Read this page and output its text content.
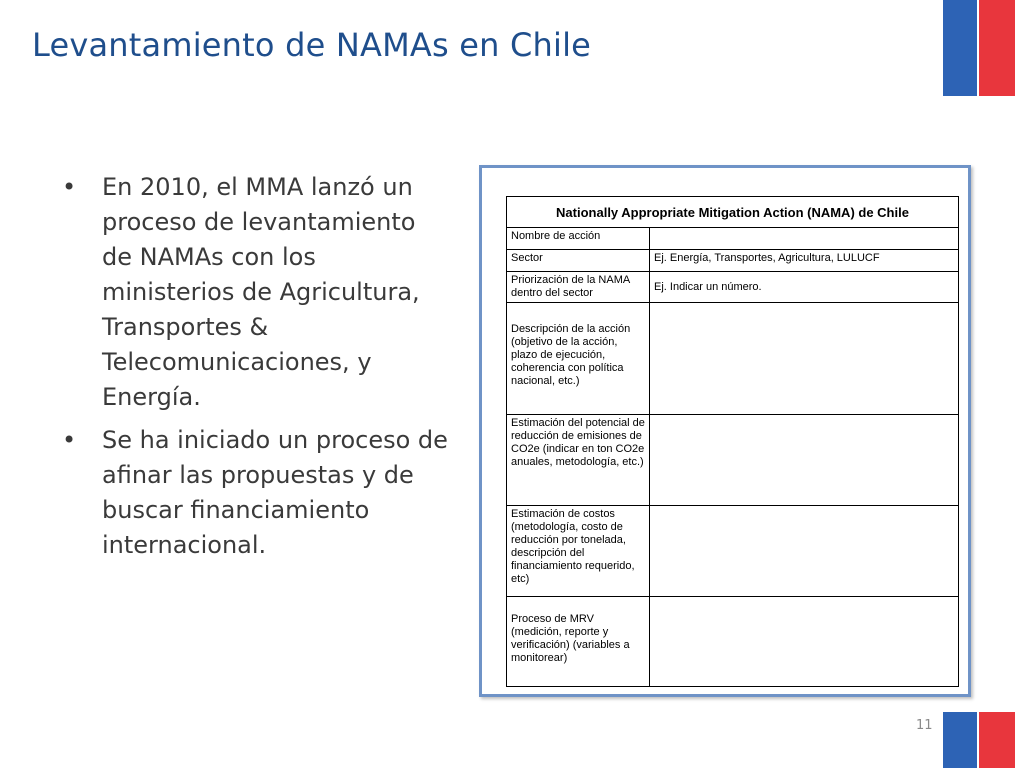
Levantamiento de NAMAs en Chile
• En 2010, el MMA lanzó un proceso de levantamiento de NAMAs con los ministerios de Agricultura, Transportes & Telecomunicaciones, y Energía.
• Se ha iniciado un proceso de afinar las propuestas y de buscar financiamiento internacional.
Nationally Appropriate Mitigation Action (NAMA) de Chile	
Nombre de acción	
Sector	Ej. Energía, Transportes, Agricultura, LULUCF
Priorización de la NAMA dentro del sector	Ej. Indicar un número.
Descripción de la acción (objetivo de la acción, plazo de ejecución, coherencia con política nacional, etc.)	
Estimación del potencial de reducción de emisiones de CO2e (indicar en ton CO2e anuales, metodología, etc.)	
Estimación de costos (metodología, costo de reducción por tonelada, descripción del financiamiento requerido, etc)	
Proceso de MRV (medición, reporte y verificación) (variables a monitorear)	
11
